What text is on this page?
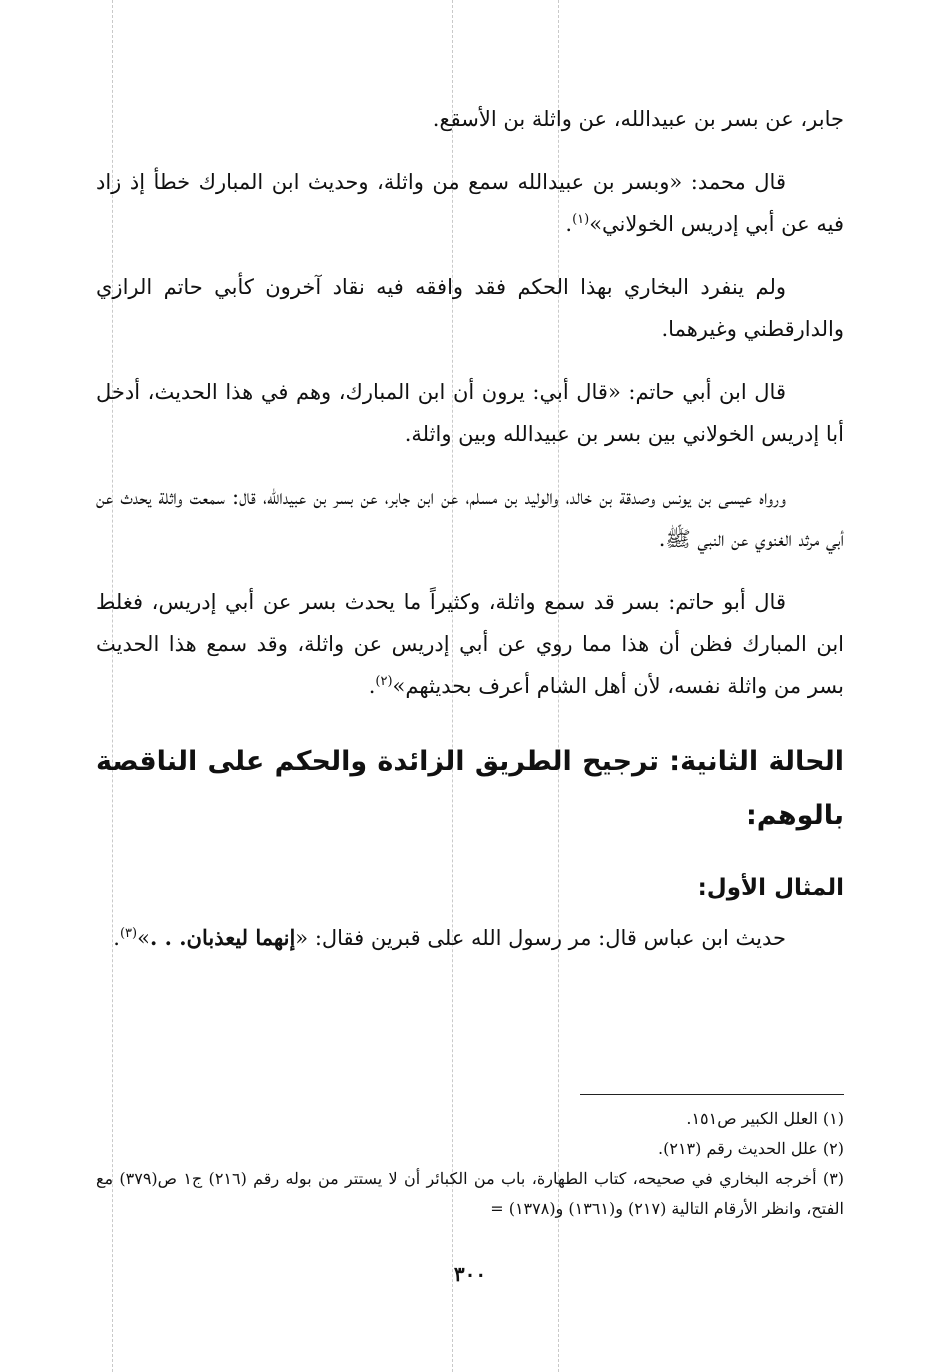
جابر، عن بسر بن عبيدالله، عن واثلة بن الأسقع.

قال محمد: «وبسر بن عبيدالله سمع من واثلة، وحديث ابن المبارك خطأ إذ زاد فيه عن أبي إدريس الخولاني»$^{(١)}$.

ولم ينفرد البخاري بهذا الحكم فقد وافقه فيه نقاد آخرون كأبي حاتم الرازي والدارقطني وغيرهما.

قال ابن أبي حاتم: «قال أبي: يرون أن ابن المبارك، وهم في هذا الحديث، أدخل أبا إدريس الخولاني بين بسر بن عبيدالله وبين واثلة.

ورواه عيسى بن يونس وصدقة بن خالد، والوليد بن مسلم، عن ابن جابر، عن بسر بن عبيدالله، قال: سمعت واثلة يحدث عن أبي مرثد الغنوي عن النبي ﷺ.

قال أبو حاتم: بسر قد سمع واثلة، وكثيراً ما يحدث بسر عن أبي إدريس، فغلط ابن المبارك فظن أن هذا مما روي عن أبي إدريس عن واثلة، وقد سمع هذا الحديث بسر من واثلة نفسه، لأن أهل الشام أعرف بحديثهم»$^{(٢)}$.

الحالة الثانية: ترجيح الطريق الزائدة والحكم على الناقصة بالوهم:
المثال الأول:

حديث ابن عباس قال: مر رسول الله على قبرين فقال: «إنهما ليعذبان. . .»$^{(٣)}$.

(١) العلل الكبير ص١٥١.

(٢) علل الحديث رقم (٢١٣).

(٣) أخرجه البخاري في صحيحه، كتاب الطهارة، باب من الكبائر أن لا يستتر من بوله رقم (٢١٦) ج١ ص(٣٧٩) مع الفتح، وانظر الأرقام التالية (٢١٧) و(١٣٦١) و(١٣٧٨) =

٣٠٠
